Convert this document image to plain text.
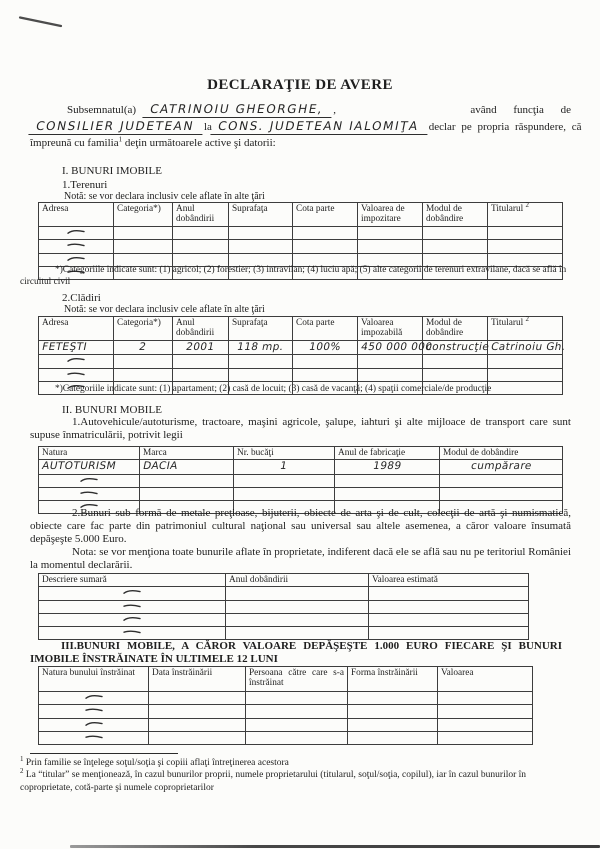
DECLARAŢIE DE AVERE
Subsemnatul(a)	CATRINOIU GHEORGHE, ,	având funcţia de
CONSILIER JUDETEAN la CONS. JUDETEAN IALOMIŢA declar pe propria răspundere, că
împreună cu familia$^1$ deţin următoarele active şi datorii:
I. BUNURI IMOBILE
1.Terenuri
Notă: se vor declara inclusiv cele aflate în alte ţări
Adresa	Categoria*)	Anul dobândirii	Suprafaţa	Cota parte	Valoarea de impozitare	Modul de dobândire	Titularul $^2$

*)Categoriile indicate sunt: (1) agricol; (2) forestier; (3) intravilan; (4) luciu apă; (5) alte categorii de terenuri extravilane, dacă se află în circuitul civil
2.Clădiri
Notă: se vor declara inclusiv cele aflate în alte ţări
Adresa	Categoria*)	Anul dobândirii	Suprafaţa	Cota parte	Valoarea impozabilă	Modul de dobândire	Titularul $^2$
FETEŞTI	2	2001	118 mp.	100%	450 000 000	construcţie	Catrinoiu Gh.

*)Categoriile indicate sunt: (1) apartament; (2) casă de locuit; (3) casă de vacanţă; (4) spaţii comerciale/de producţie
II. BUNURI MOBILE
1.Autovehicule/autoturisme, tractoare, maşini agricole, şalupe, iahturi şi alte mijloace de transport care sunt supuse înmatriculării, potrivit legii
Natura	Marca	Nr. bucăţi	Anul de fabricaţie	Modul de dobândire
AUTOTURISM	DACIA	1	1989	cumpărare

2.Bunuri sub formă de metale preţioase, bijuterii, obiecte de arta şi de cult, colecţii de artă şi numismatică, obiecte care fac parte din patrimoniul cultural naţional sau universal sau altele asemenea, a căror valoare însumată depăşeşte 5.000 Euro.
Nota: se vor menţiona toate bunurile aflate în proprietate, indiferent dacă ele se află sau nu pe teritoriul României la momentul declarării.
Descriere sumară	Anul dobândirii	Valoarea estimată

III.BUNURI MOBILE, A CĂROR VALOARE DEPĂŞEŞTE 1.000 EURO FIECARE ŞI BUNURI IMOBILE ÎNSTRĂINATE ÎN ULTIMELE 12 LUNI
Natura bunului înstrăinat	Data înstrăinării	Persoana către care s-a înstrăinat	Forma înstrăinării	Valoarea

$^1$ Prin familie se înţelege soţul/soţia şi copiii aflaţi întreţinerea acestora
$^2$ La “titular” se menţionează, în cazul bunurilor proprii, numele proprietarului (titularul, soţul/soţia, copilul), iar în cazul bunurilor în coproprietate, cotă-parte şi numele coproprietarilor
